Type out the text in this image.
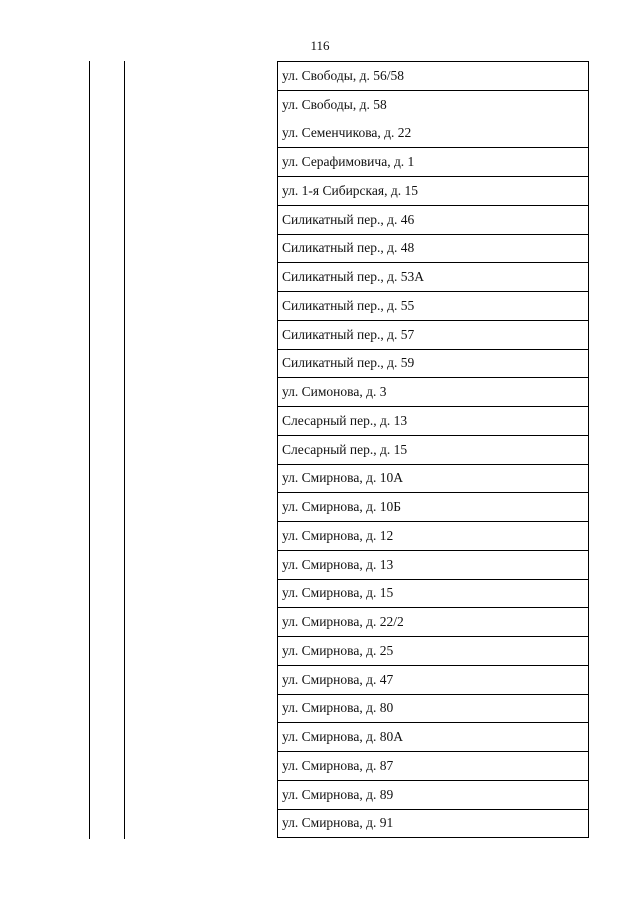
116
ул. Свободы, д. 56/58
ул. Свободы, д. 58
ул. Семенчикова, д. 22
ул. Серафимовича, д. 1
ул. 1-я Сибирская, д. 15
Силикатный пер., д. 46
Силикатный пер., д. 48
Силикатный пер., д. 53А
Силикатный пер., д. 55
Силикатный пер., д. 57
Силикатный пер., д. 59
ул. Симонова, д. 3
Слесарный пер., д. 13
Слесарный пер., д. 15
ул. Смирнова, д. 10А
ул. Смирнова, д. 10Б
ул. Смирнова, д. 12
ул. Смирнова, д. 13
ул. Смирнова, д. 15
ул. Смирнова, д. 22/2
ул. Смирнова, д. 25
ул. Смирнова, д. 47
ул. Смирнова, д. 80
ул. Смирнова, д. 80А
ул. Смирнова, д. 87
ул. Смирнова, д. 89
ул. Смирнова, д. 91
